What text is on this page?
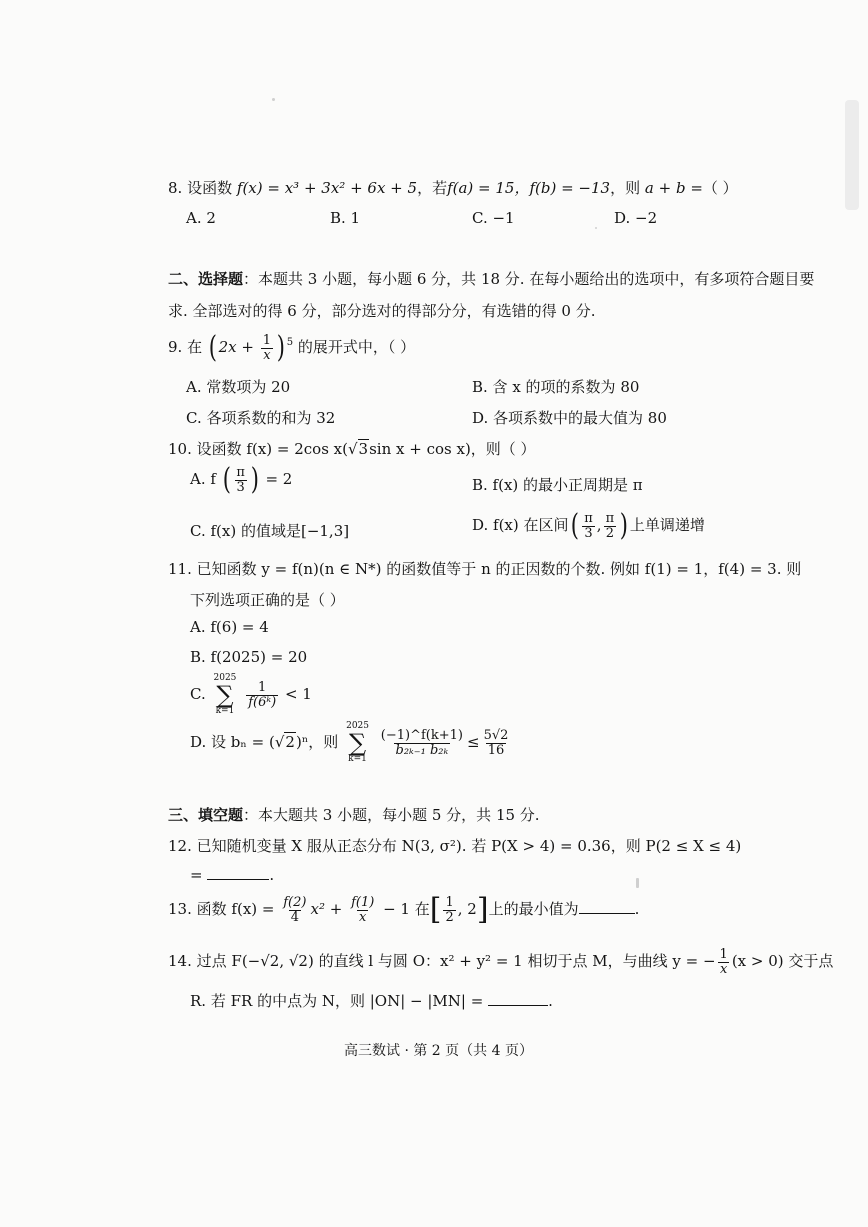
8. 设函数 f(x) = x³ + 3x² + 6x + 5，若f(a) = 15，f(b) = −13，则 a + b =（ ）
A. 2	B. 1	C. −1	D. −2
二、选择题：本题共 3 小题，每小题 6 分，共 18 分. 在每小题给出的选项中，有多项符合题目要
求. 全部选对的得 6 分，部分选对的得部分分，有选错的得 0 分.
9. 在 ( $2x + \frac{1}{x}$ ) $^5$ 的展开式中，（ ）
A. 常数项为 20	B. 含 x 的项的系数为 80
C. 各项系数的和为 32	D. 各项系数中的最大值为 80
10. 设函数 f(x) = 2cos x(√3sin x + cos x)，则（ ）
A. f ( $\frac{\pi}{3}$ ) = 2	B. f(x) 的最小正周期是 π
C. f(x) 的值域是[−1,3]	D. f(x) 在区间( $\frac{\pi}{3}$ , $\frac{\pi}{2}$ ) 上单调递增
11. 已知函数 y = f(n)(n ∈ N*) 的函数值等于 n 的正因数的个数. 例如 f(1) = 1，f(4) = 3. 则
下列选项正确的是（ ）
A. f(6) = 4
B. f(2025) = 20
C.
2025
∑
k=1

$\frac{1}{\text{f(6ᵏ)}} < 1$
D. 设 bₙ = (√2)ⁿ，则
2025
∑
k=1

$\frac{(-1)\^{}f(k+1)}{\text{b₂ₖ₋₁ b₂ₖ}} \le \frac{5√2}{16}$
三、填空题：本大题共 3 小题，每小题 5 分，共 15 分.
12. 已知随机变量 X 服从正态分布 N(3, σ²). 若 P(X > 4) = 0.36，则 P(2 ≤ X ≤ 4)
=	.
13. 函数 $f(x) = \frac{f(2)}{4} x^2 + \frac{f(1)}{x} - 1$ 在[ $\frac{1}{2}$ , 2]上的最小值为	.
14. 过点 F(−√2, √2) 的直线 l 与圆 O：x² + y² = 1 相切于点 M，与曲线 y = − $\frac{1}{x} (x > 0)$ 交于点
R. 若 FR 的中点为 N，则 |ON| − |MN| =	.
高三数试 · 第 2 页（共 4 页）
